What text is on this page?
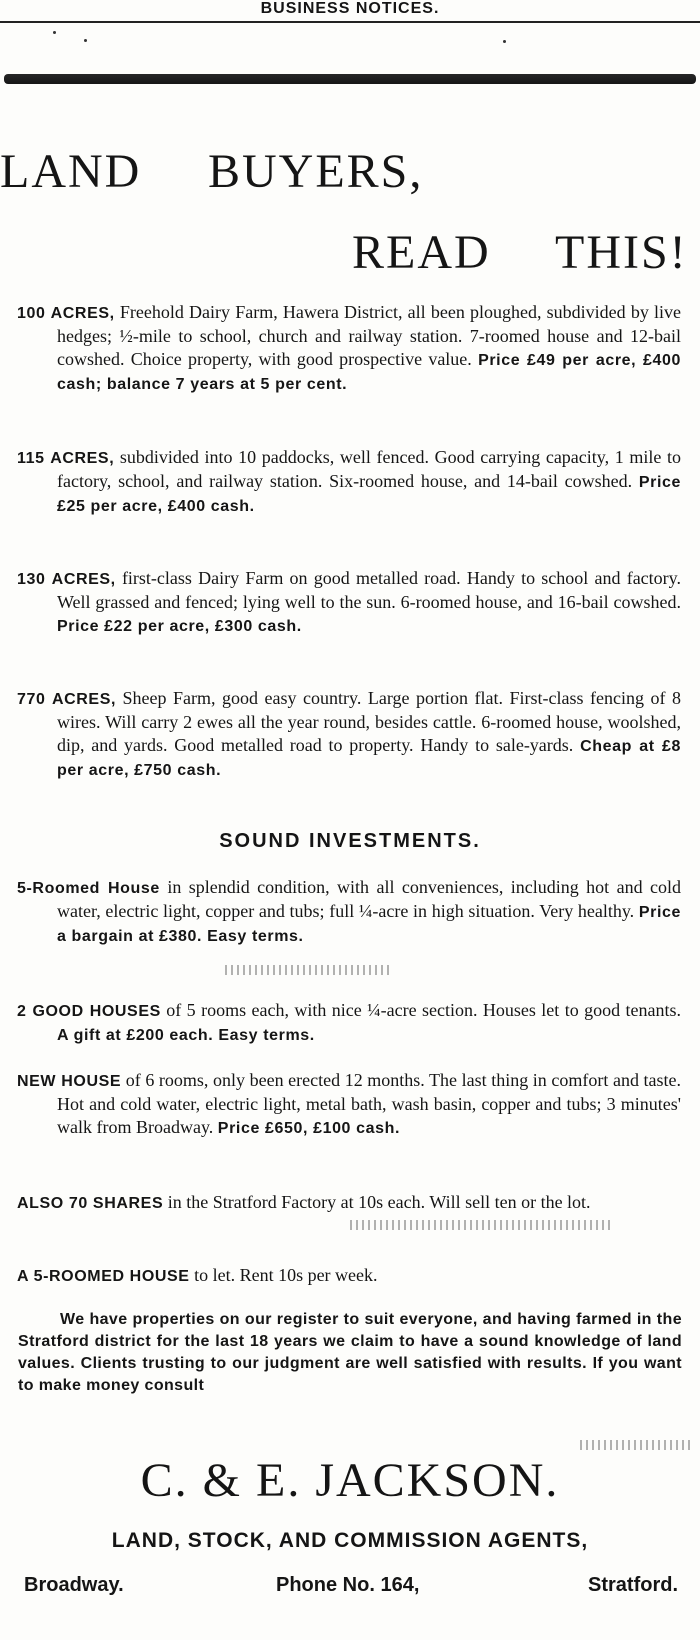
BUSINESS NOTICES.
LAND BUYERS,
READ THIS!
100 ACRES, Freehold Dairy Farm, Hawera District, all been ploughed, subdivided by live hedges; ½-mile to school, church and railway station. 7-roomed house and 12-bail cowshed. Choice property, with good prospective value. Price £49 per acre, £400 cash; balance 7 years at 5 per cent.
115 ACRES, subdivided into 10 paddocks, well fenced. Good carrying capacity, 1 mile to factory, school, and railway station. Six-roomed house, and 14-bail cowshed. Price £25 per acre, £400 cash.
130 ACRES, first-class Dairy Farm on good metalled road. Handy to school and factory. Well grassed and fenced; lying well to the sun. 6-roomed house, and 16-bail cowshed. Price £22 per acre, £300 cash.
770 ACRES, Sheep Farm, good easy country. Large portion flat. First-class fencing of 8 wires. Will carry 2 ewes all the year round, besides cattle. 6-roomed house, woolshed, dip, and yards. Good metalled road to property. Handy to sale-yards. Cheap at £8 per acre, £750 cash.
SOUND INVESTMENTS.
5-Roomed House in splendid condition, with all conveniences, including hot and cold water, electric light, copper and tubs; full ¼-acre in high situation. Very healthy. Price a bargain at £380. Easy terms.
2 GOOD HOUSES of 5 rooms each, with nice ¼-acre section. Houses let to good tenants. A gift at £200 each. Easy terms.
NEW HOUSE of 6 rooms, only been erected 12 months. The last thing in comfort and taste. Hot and cold water, electric light, metal bath, wash basin, copper and tubs; 3 minutes' walk from Broadway. Price £650, £100 cash.
ALSO 70 SHARES in the Stratford Factory at 10s each. Will sell ten or the lot.
A 5-ROOMED HOUSE to let. Rent 10s per week.
We have properties on our register to suit everyone, and having farmed in the Stratford district for the last 18 years we claim to have a sound knowledge of land values. Clients trusting to our judgment are well satisfied with results. If you want to make money consult
C. & E. JACKSON.
LAND, STOCK, AND COMMISSION AGENTS,
Broadway.	Phone No. 164,	Stratford.
